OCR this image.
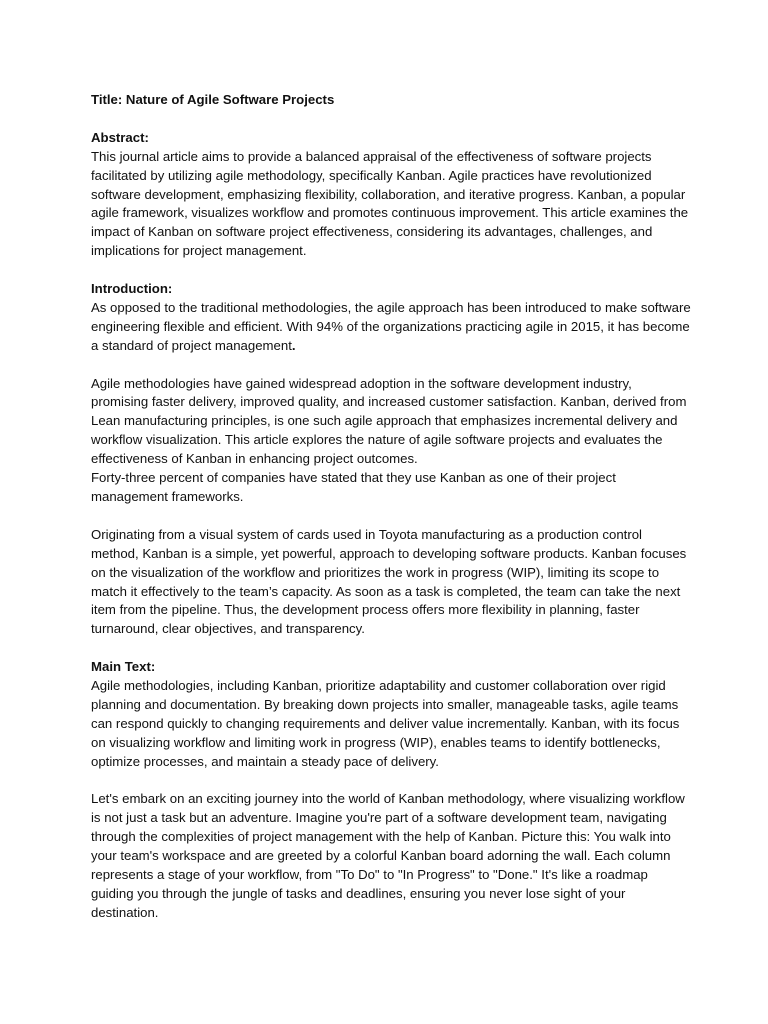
Title: Nature of Agile Software Projects

Abstract:

This journal article aims to provide a balanced appraisal of the effectiveness of software projects facilitated by utilizing agile methodology, specifically Kanban. Agile practices have revolutionized software development, emphasizing flexibility, collaboration, and iterative progress. Kanban, a popular agile framework, visualizes workflow and promotes continuous improvement. This article examines the impact of Kanban on software project effectiveness, considering its advantages, challenges, and implications for project management.

Introduction:

As opposed to the traditional methodologies, the agile approach has been introduced to make software engineering flexible and efficient. With 94% of the organizations practicing agile in 2015, it has become a standard of project management.

Agile methodologies have gained widespread adoption in the software development industry, promising faster delivery, improved quality, and increased customer satisfaction. Kanban, derived from Lean manufacturing principles, is one such agile approach that emphasizes incremental delivery and workflow visualization. This article explores the nature of agile software projects and evaluates the effectiveness of Kanban in enhancing project outcomes.

Forty-three percent of companies have stated that they use Kanban as one of their project management frameworks.

Originating from a visual system of cards used in Toyota manufacturing as a production control method, Kanban is a simple, yet powerful, approach to developing software products. Kanban focuses on the visualization of the workflow and prioritizes the work in progress (WIP), limiting its scope to match it effectively to the team’s capacity. As soon as a task is completed, the team can take the next item from the pipeline. Thus, the development process offers more flexibility in planning, faster turnaround, clear objectives, and transparency.

Main Text:

Agile methodologies, including Kanban, prioritize adaptability and customer collaboration over rigid planning and documentation. By breaking down projects into smaller, manageable tasks, agile teams can respond quickly to changing requirements and deliver value incrementally. Kanban, with its focus on visualizing workflow and limiting work in progress (WIP), enables teams to identify bottlenecks, optimize processes, and maintain a steady pace of delivery.

Let's embark on an exciting journey into the world of Kanban methodology, where visualizing workflow is not just a task but an adventure. Imagine you're part of a software development team, navigating through the complexities of project management with the help of Kanban. Picture this: You walk into your team's workspace and are greeted by a colorful Kanban board adorning the wall. Each column represents a stage of your workflow, from "To Do" to "In Progress" to "Done." It's like a roadmap guiding you through the jungle of tasks and deadlines, ensuring you never lose sight of your destination.
